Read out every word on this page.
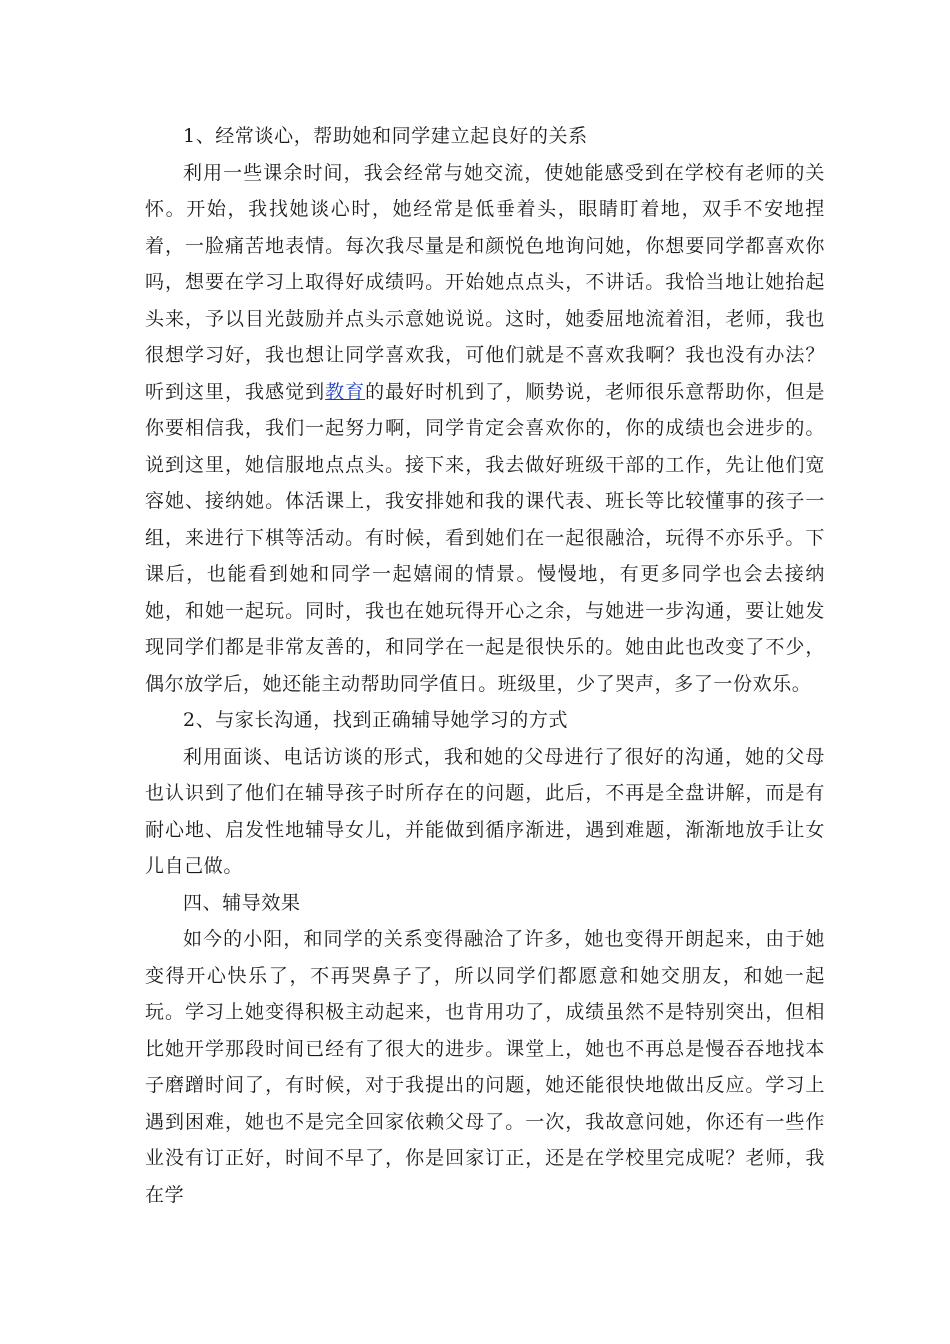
1、经常谈心，帮助她和同学建立起良好的关系

利用一些课余时间，我会经常与她交流，使她能感受到在学校有老师的关怀。开始，我找她谈心时，她经常是低垂着头，眼睛盯着地，双手不安地捏着，一脸痛苦地表情。每次我尽量是和颜悦色地询问她，你想要同学都喜欢你吗，想要在学习上取得好成绩吗。开始她点点头，不讲话。我恰当地让她抬起头来，予以目光鼓励并点头示意她说说。这时，她委屈地流着泪，老师，我也很想学习好，我也想让同学喜欢我，可他们就是不喜欢我啊？我也没有办法？听到这里，我感觉到教育的最好时机到了，顺势说，老师很乐意帮助你，但是你要相信我，我们一起努力啊，同学肯定会喜欢你的，你的成绩也会进步的。说到这里，她信服地点点头。接下来，我去做好班级干部的工作，先让他们宽容她、接纳她。体活课上，我安排她和我的课代表、班长等比较懂事的孩子一组，来进行下棋等活动。有时候，看到她们在一起很融洽，玩得不亦乐乎。下课后，也能看到她和同学一起嬉闹的情景。慢慢地，有更多同学也会去接纳她，和她一起玩。同时，我也在她玩得开心之余，与她进一步沟通，要让她发现同学们都是非常友善的，和同学在一起是很快乐的。她由此也改变了不少，偶尔放学后，她还能主动帮助同学值日。班级里，少了哭声，多了一份欢乐。

2、与家长沟通，找到正确辅导她学习的方式

利用面谈、电话访谈的形式，我和她的父母进行了很好的沟通，她的父母也认识到了他们在辅导孩子时所存在的问题，此后，不再是全盘讲解，而是有耐心地、启发性地辅导女儿，并能做到循序渐进，遇到难题，渐渐地放手让女儿自己做。

四、辅导效果

如今的小阳，和同学的关系变得融洽了许多，她也变得开朗起来，由于她变得开心快乐了，不再哭鼻子了，所以同学们都愿意和她交朋友，和她一起玩。学习上她变得积极主动起来，也肯用功了，成绩虽然不是特别突出，但相比她开学那段时间已经有了很大的进步。课堂上，她也不再总是慢吞吞地找本子磨蹭时间了，有时候，对于我提出的问题，她还能很快地做出反应。学习上遇到困难，她也不是完全回家依赖父母了。一次，我故意问她，你还有一些作业没有订正好，时间不早了，你是回家订正，还是在学校里完成呢？老师，我在学
